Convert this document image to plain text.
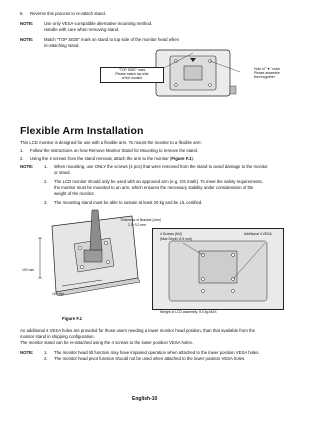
6. Reverse this process to re-attach stand.
NOTE: Use only VESA-compatible alternative mounting method.
Handle with care when removing stand.
NOTE: Match "TOP SIDE" mark on stand to top side of the monitor head when
re-attaching stand.
"TOP SIDE" mark
Please match top side
of the monitor
Hole of "▼" mark
Please assemble
them together
Flexible Arm Installation
This LCD monitor is designed for use with a flexible arm. To mount the monitor to a flexible arm:
1. Follow the instructions on how Remove Monitor Stand for Mounting to remove the stand.
2. Using the 4 screws from the stand removal, attach the arm to the monitor (Figure F.1).
NOTE: 1. When mounting, use ONLY the screws (4 pcs) that were removed from the stand to avoid damage to the monitor
or stand.
2. The LCD monitor should only be used with an approved arm (e.g. GS mark). To meet the safety requirements,
the monitor must be mounted to an arm, which ensures the necessary stability under consideration of the
weight of the monitor.
3. The mounting stand must be able to sustain at least 20 kg and be UL certified.
100 mm
100 mm
Thickness of Bracket (Arm)
2.0~3.2 mm
4 Screws (M4)
(Max Depth: 8.5 mm)
Additional 4 VESA
Weight of LCD assembly: 5.4 kg MAX
Figure F.1
An additional 4 VESA holes are provided for those users needing a lower monitor head position, than that available from the
monitor stand in shipping configuration.
The monitor stand can be re-attached using the 4 screws to the lower position VESA holes.
NOTE: 1. The monitor head tilt function may have impaired operation when attached to the lower position VESA holes.
2. The monitor head pivot function should not be used when attached to the lower position VESA holes.
English-10
